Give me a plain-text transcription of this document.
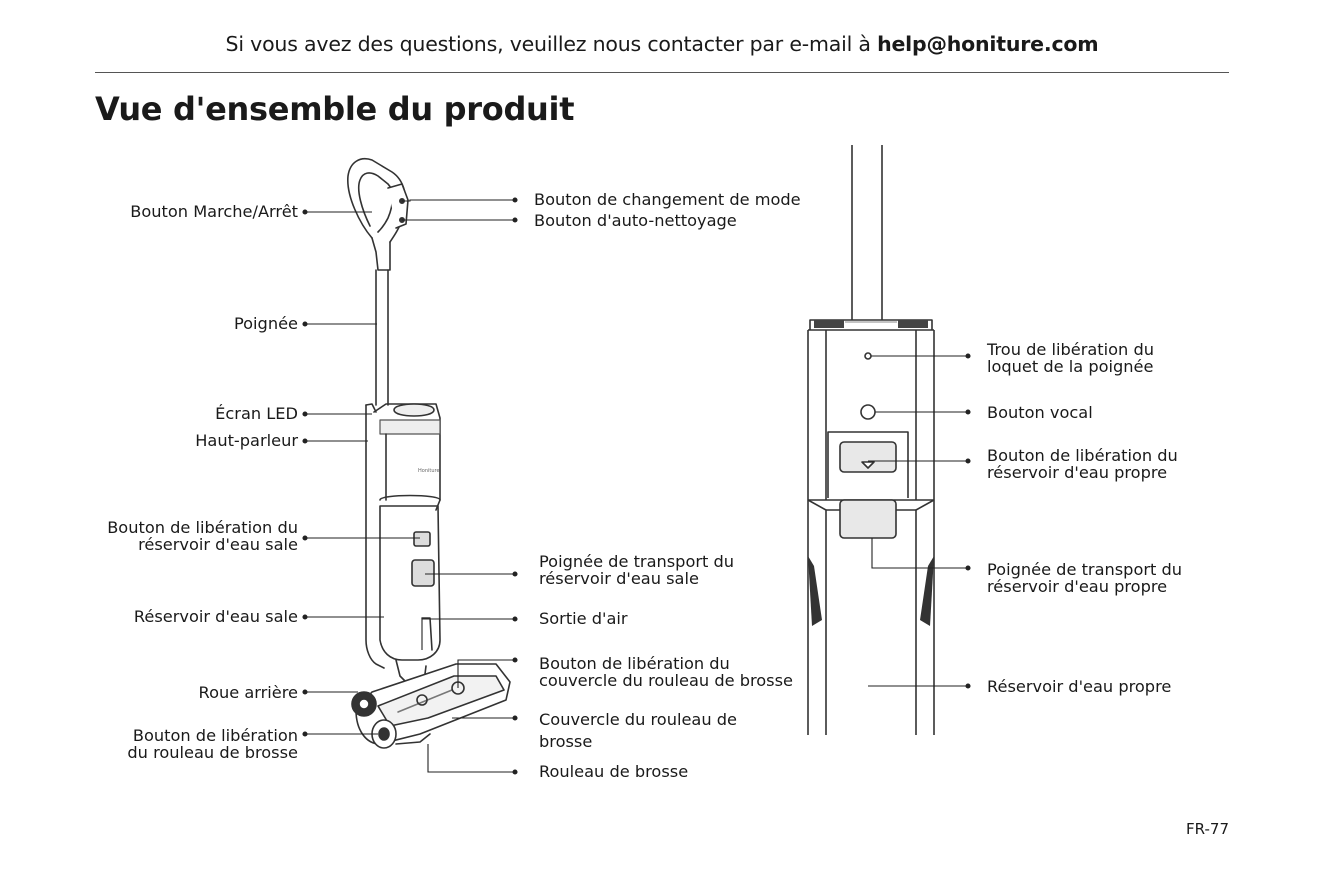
Si vous avez des questions, veuillez nous contacter par e-mail à help@honiture.com
Vue d'ensemble du produit
Honiture
Bouton Marche/Arrêt
Poignée
Écran LED
Haut-parleur
Bouton de libération du
réservoir d'eau sale
Réservoir d'eau sale
Roue arrière
Bouton de libération
du rouleau de brosse
Bouton de changement de mode
Bouton d'auto-nettoyage
Poignée de transport du
réservoir d'eau sale
Sortie d'air
Bouton de libération du
couvercle du rouleau de brosse
Couvercle du rouleau de
brosse
Rouleau de brosse
Trou de libération du
loquet de la poignée
Bouton vocal
Bouton de libération du
réservoir d'eau propre
Poignée de transport du
réservoir d'eau propre
Réservoir d'eau propre
FR-77
